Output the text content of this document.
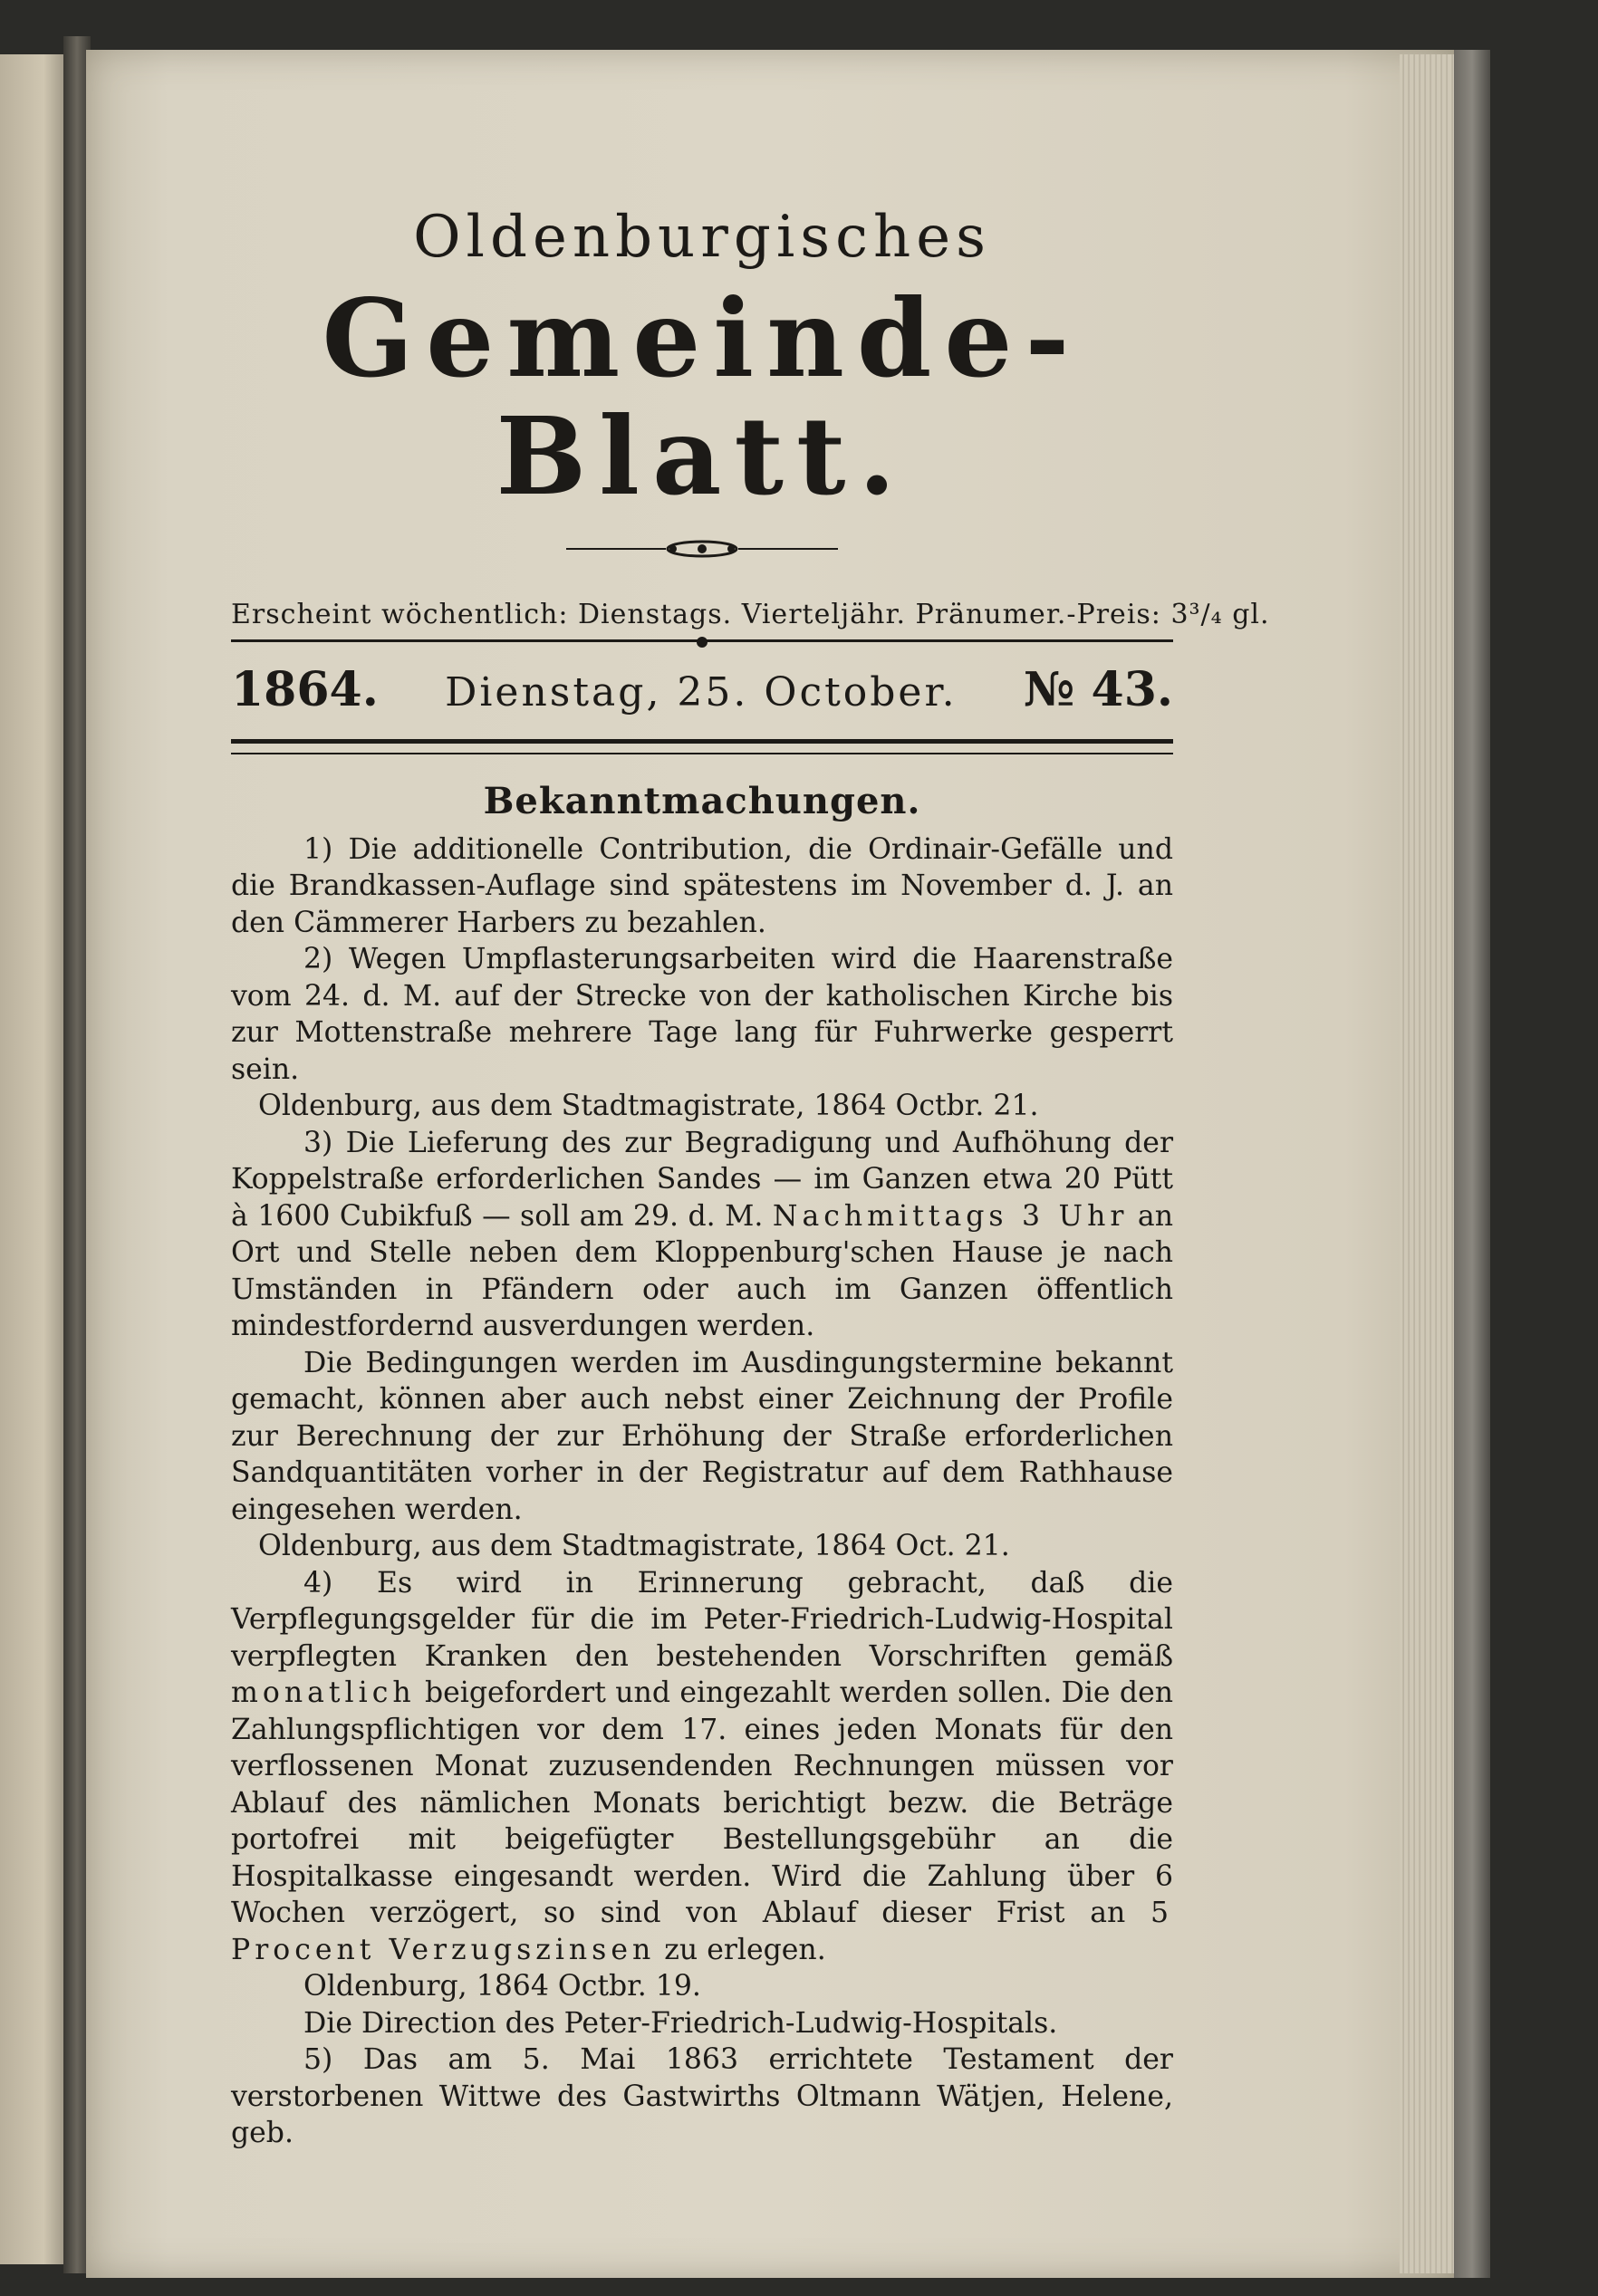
Oldenburgisches
Gemeinde-Blatt.
Erscheint wöchentlich: Dienstags. Vierteljähr. Pränumer.-Preis: 3³/₄ gl.
1864. Dienstag, 25. October. № 43.
Bekanntmachungen.

1) Die additionelle Contribution, die Ordinair-Gefälle und die Brandkassen-Auflage sind spätestens im November d. J. an den Cämmerer Harbers zu bezahlen.

2) Wegen Umpflasterungsarbeiten wird die Haarenstraße vom 24. d. M. auf der Strecke von der katholischen Kirche bis zur Mottenstraße mehrere Tage lang für Fuhrwerke gesperrt sein.

Oldenburg, aus dem Stadtmagistrate, 1864 Octbr. 21.

3) Die Lieferung des zur Begradigung und Aufhöhung der Koppelstraße erforderlichen Sandes — im Ganzen etwa 20 Pütt à 1600 Cubikfuß — soll am 29. d. M. Nachmittags 3 Uhr an Ort und Stelle neben dem Kloppenburg'schen Hause je nach Umständen in Pfändern oder auch im Ganzen öffentlich mindestfordernd ausverdungen werden.

Die Bedingungen werden im Ausdingungstermine bekannt gemacht, können aber auch nebst einer Zeichnung der Profile zur Berechnung der zur Erhöhung der Straße erforderlichen Sandquantitäten vorher in der Registratur auf dem Rathhause eingesehen werden.

Oldenburg, aus dem Stadtmagistrate, 1864 Oct. 21.

4) Es wird in Erinnerung gebracht, daß die Verpflegungsgelder für die im Peter-Friedrich-Ludwig-Hospital verpflegten Kranken den bestehenden Vorschriften gemäß monatlich beigefordert und eingezahlt werden sollen. Die den Zahlungspflichtigen vor dem 17. eines jeden Monats für den verflossenen Monat zuzusendenden Rechnungen müssen vor Ablauf des nämlichen Monats berichtigt bezw. die Beträge portofrei mit beigefügter Bestellungsgebühr an die Hospitalkasse eingesandt werden. Wird die Zahlung über 6 Wochen verzögert, so sind von Ablauf dieser Frist an 5 Procent Verzugszinsen zu erlegen.

Oldenburg, 1864 Octbr. 19.

Die Direction des Peter-Friedrich-Ludwig-Hospitals.

5) Das am 5. Mai 1863 errichtete Testament der verstorbenen Wittwe des Gastwirths Oltmann Wätjen, Helene, geb.
